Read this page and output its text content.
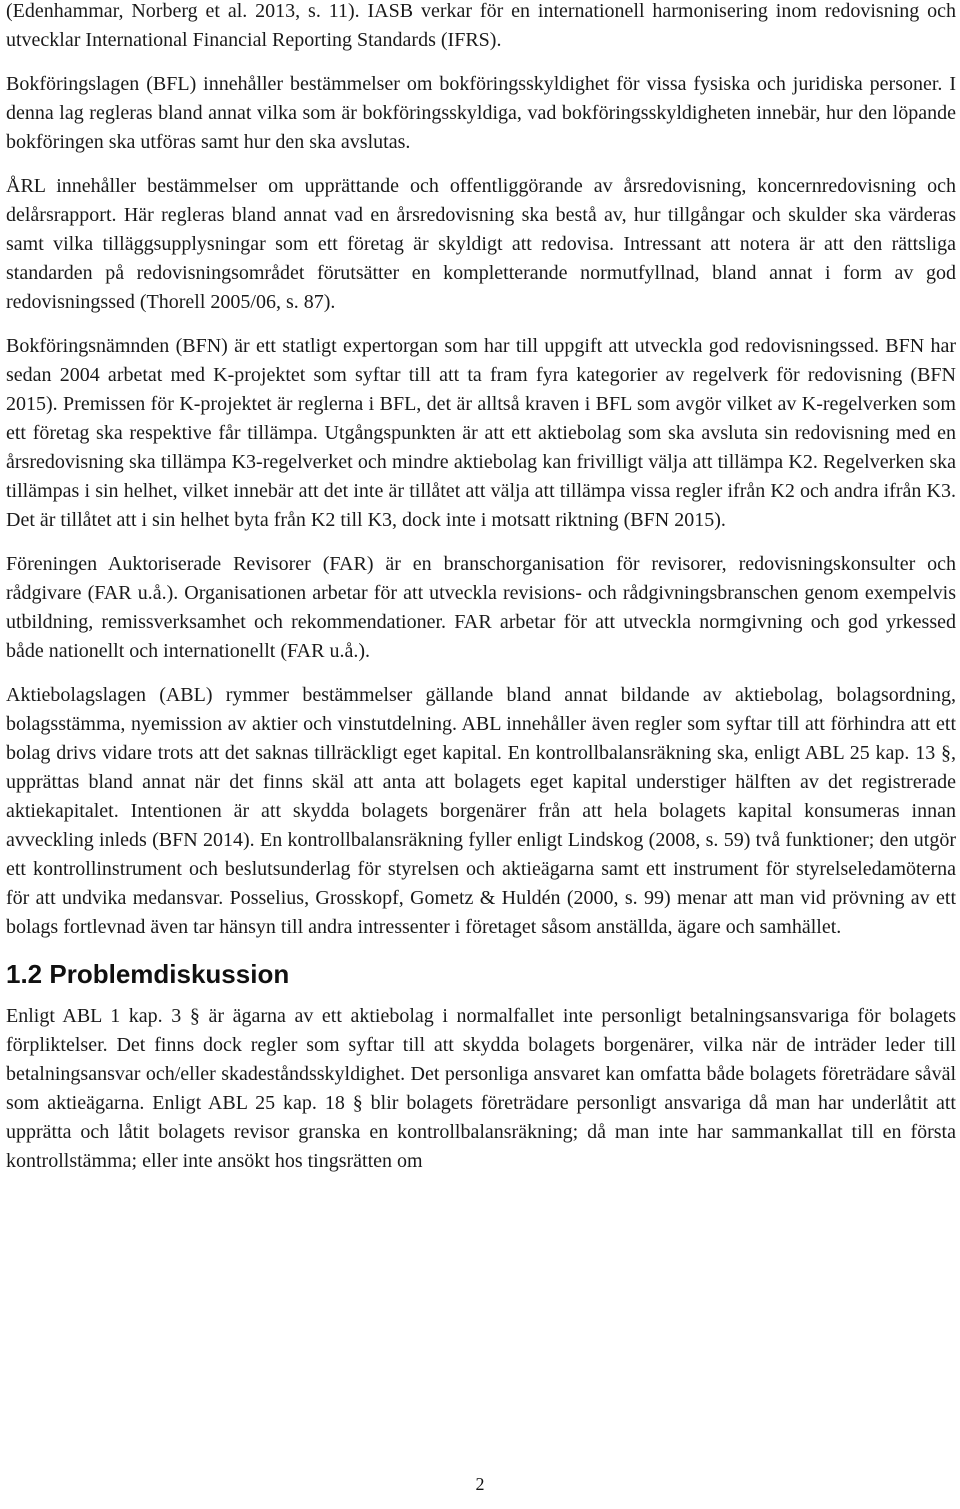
(Edenhammar, Norberg et al. 2013, s. 11). IASB verkar för en internationell harmonisering inom redovisning och utvecklar International Financial Reporting Standards (IFRS).

Bokföringslagen (BFL) innehåller bestämmelser om bokföringsskyldighet för vissa fysiska och juridiska personer. I denna lag regleras bland annat vilka som är bokföringsskyldiga, vad bokföringsskyldigheten innebär, hur den löpande bokföringen ska utföras samt hur den ska avslutas.

ÅRL innehåller bestämmelser om upprättande och offentliggörande av årsredovisning, koncernredovisning och delårsrapport. Här regleras bland annat vad en årsredovisning ska bestå av, hur tillgångar och skulder ska värderas samt vilka tilläggsupplysningar som ett företag är skyldigt att redovisa. Intressant att notera är att den rättsliga standarden på redovisningsområdet förutsätter en kompletterande normutfyllnad, bland annat i form av god redovisningssed (Thorell 2005/06, s. 87).

Bokföringsnämnden (BFN) är ett statligt expertorgan som har till uppgift att utveckla god redovisningssed. BFN har sedan 2004 arbetat med K-projektet som syftar till att ta fram fyra kategorier av regelverk för redovisning (BFN 2015). Premissen för K-projektet är reglerna i BFL, det är alltså kraven i BFL som avgör vilket av K-regelverken som ett företag ska respektive får tillämpa. Utgångspunkten är att ett aktiebolag som ska avsluta sin redovisning med en årsredovisning ska tillämpa K3-regelverket och mindre aktiebolag kan frivilligt välja att tillämpa K2. Regelverken ska tillämpas i sin helhet, vilket innebär att det inte är tillåtet att välja att tillämpa vissa regler ifrån K2 och andra ifrån K3. Det är tillåtet att i sin helhet byta från K2 till K3, dock inte i motsatt riktning (BFN 2015).

Föreningen Auktoriserade Revisorer (FAR) är en branschorganisation för revisorer, redovisningskonsulter och rådgivare (FAR u.å.). Organisationen arbetar för att utveckla revisions- och rådgivningsbranschen genom exempelvis utbildning, remissverksamhet och rekommendationer. FAR arbetar för att utveckla normgivning och god yrkessed både nationellt och internationellt (FAR u.å.).

Aktiebolagslagen (ABL) rymmer bestämmelser gällande bland annat bildande av aktiebolag, bolagsordning, bolagsstämma, nyemission av aktier och vinstutdelning. ABL innehåller även regler som syftar till att förhindra att ett bolag drivs vidare trots att det saknas tillräckligt eget kapital. En kontrollbalansräkning ska, enligt ABL 25 kap. 13 §, upprättas bland annat när det finns skäl att anta att bolagets eget kapital understiger hälften av det registrerade aktiekapitalet. Intentionen är att skydda bolagets borgenärer från att hela bolagets kapital konsumeras innan avveckling inleds (BFN 2014). En kontrollbalansräkning fyller enligt Lindskog (2008, s. 59) två funktioner; den utgör ett kontrollinstrument och beslutsunderlag för styrelsen och aktieägarna samt ett instrument för styrelseledamöterna för att undvika medansvar. Posselius, Grosskopf, Gometz & Huldén (2000, s. 99) menar att man vid prövning av ett bolags fortlevnad även tar hänsyn till andra intressenter i företaget såsom anställda, ägare och samhället.

1.2 Problemdiskussion

Enligt ABL 1 kap. 3 § är ägarna av ett aktiebolag i normalfallet inte personligt betalningsansvariga för bolagets förpliktelser. Det finns dock regler som syftar till att skydda bolagets borgenärer, vilka när de inträder leder till betalningsansvar och/eller skadeståndsskyldighet. Det personliga ansvaret kan omfatta både bolagets företrädare såväl som aktieägarna. Enligt ABL 25 kap. 18 § blir bolagets företrädare personligt ansvariga då man har underlåtit att upprätta och låtit bolagets revisor granska en kontrollbalansräkning; då man inte har sammankallat till en första kontrollstämma; eller inte ansökt hos tingsrätten om

2
